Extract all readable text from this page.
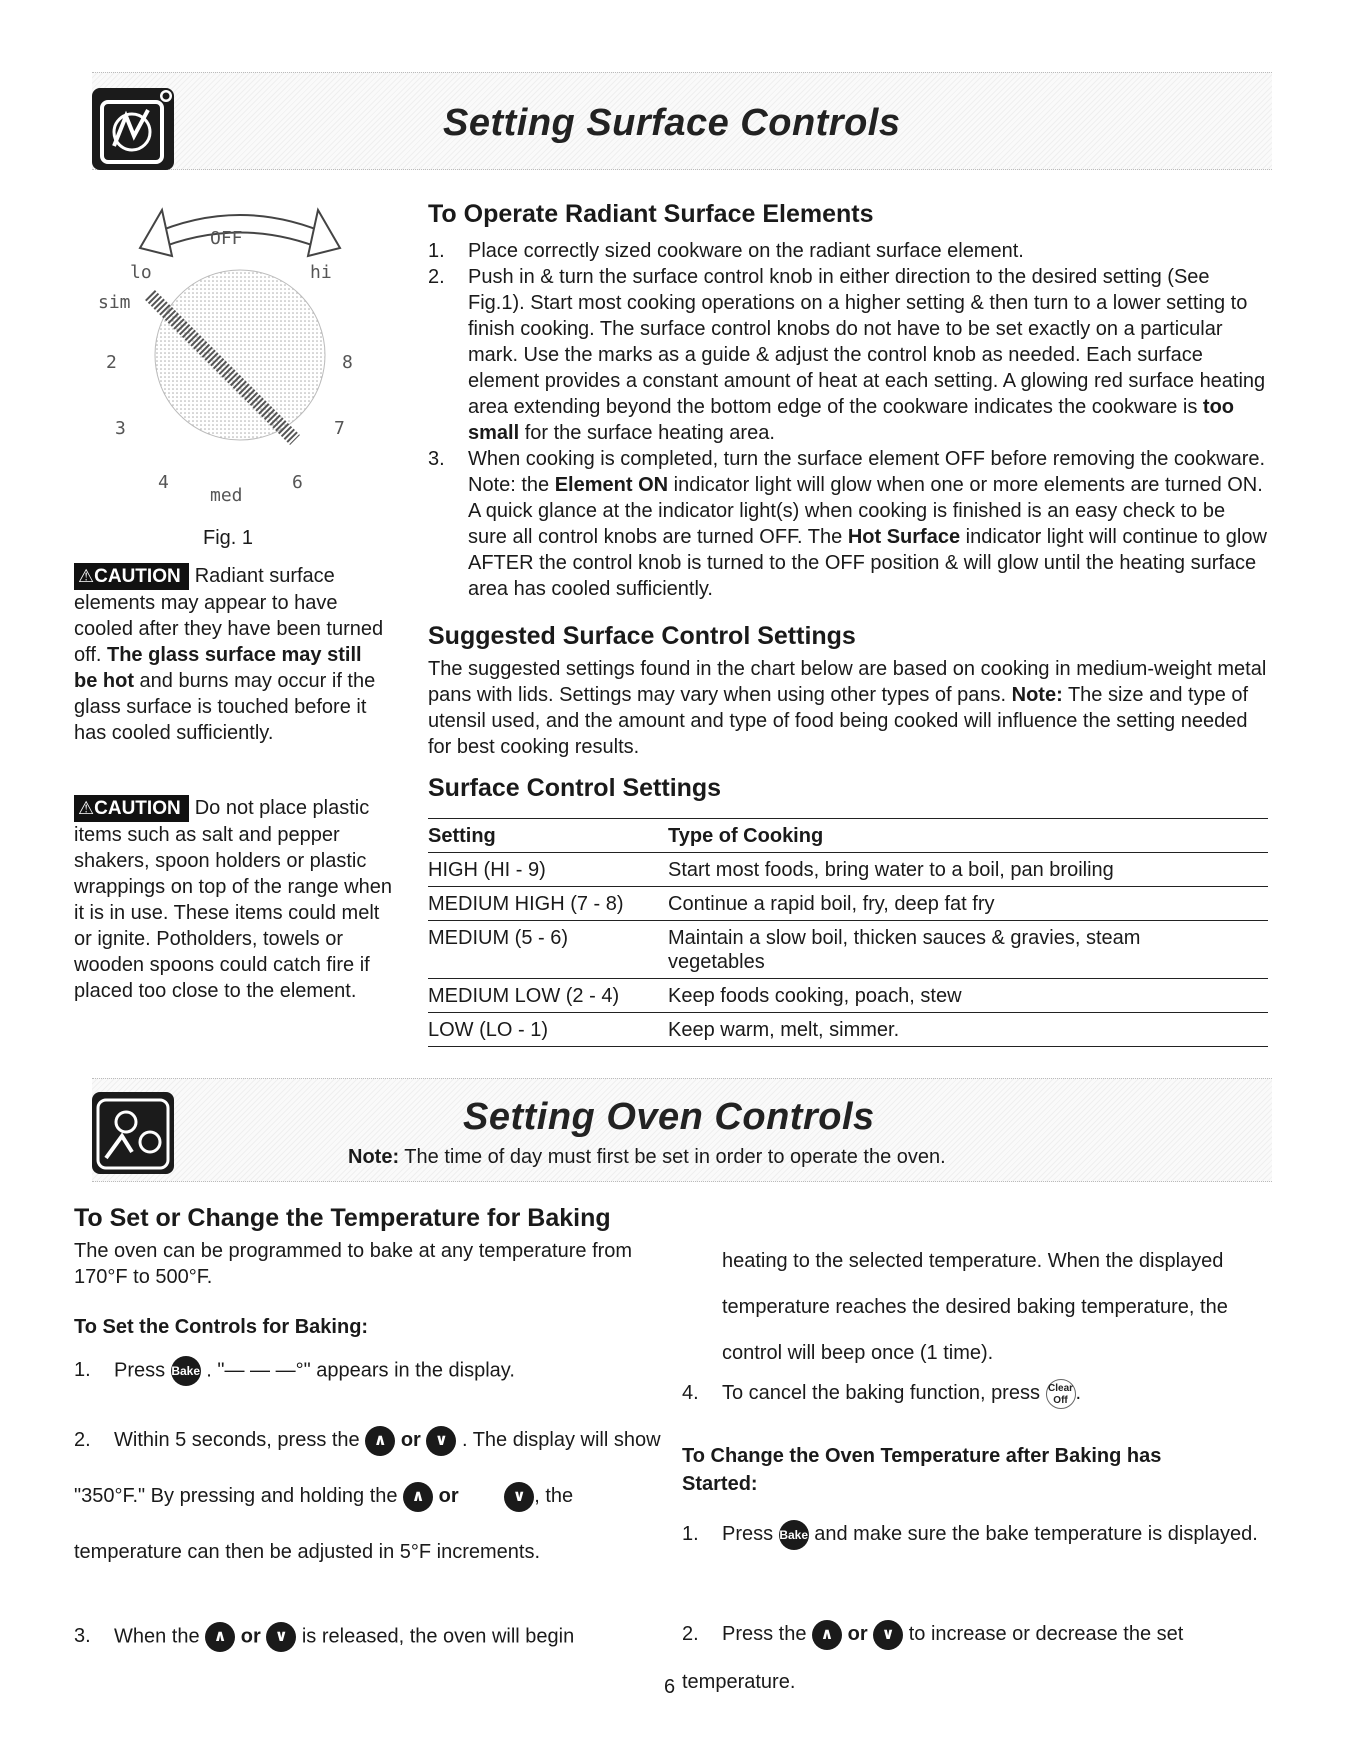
Setting Surface Controls
OFF
lo	hi
sim
2
3
4
med
6
7
8
Fig. 1
⚠CAUTION Radiant surface elements may appear to have cooled after they have been turned off. The glass surface may still be hot and burns may occur if the glass surface is touched before it has cooled sufficiently.
⚠CAUTION Do not place plastic items such as salt and pepper shakers, spoon holders or plastic wrappings on top of the range when it is in use. These items could melt or ignite. Potholders, towels or wooden spoons could catch fire if placed too close to the element.
To Operate Radiant Surface Elements
1. Place correctly sized cookware on the radiant surface element.
2. Push in & turn the surface control knob in either direction to the desired setting (See Fig.1). Start most cooking operations on a higher setting & then turn to a lower setting to finish cooking. The surface control knobs do not have to be set exactly on a particular mark. Use the marks as a guide & adjust the control knob as needed. Each surface element provides a constant amount of heat at each setting. A glowing red surface heating area extending beyond the bottom edge of the cookware indicates the cookware is too small for the surface heating area.
3. When cooking is completed, turn the surface element OFF before removing the cookware. Note: the Element ON indicator light will glow when one or more elements are turned ON. A quick glance at the indicator light(s) when cooking is finished is an easy check to be sure all control knobs are turned OFF. The Hot Surface indicator light will continue to glow AFTER the control knob is turned to the OFF position & will glow until the heating surface area has cooled sufficiently.
Suggested Surface Control Settings

The suggested settings found in the chart below are based on cooking in medium-weight metal pans with lids. Settings may vary when using other types of pans. Note: The size and type of utensil used, and the amount and type of food being cooked will influence the setting needed for best cooking results.

Surface Control Settings
Setting	Type of Cooking
HIGH (HI - 9)	Start most foods, bring water to a boil, pan broiling
MEDIUM HIGH (7 - 8)	Continue a rapid boil, fry, deep fat fry
MEDIUM (5 - 6)	Maintain a slow boil, thicken sauces & gravies, steam vegetables
MEDIUM LOW (2 - 4)	Keep foods cooking, poach, stew
LOW (LO - 1)	Keep warm, melt, simmer.
Setting Oven Controls
Note: The time of day must first be set in order to operate the oven.
To Set or Change the Temperature for Baking

The oven can be programmed to bake at any temperature from 170°F to 500°F.

To Set the Controls for Baking:
1. Press Bake . "— — —°" appears in the display.
2. Within 5 seconds, press the ∧ or ∨ . The display will show "350°F." By pressing and holding the ∧ or	∨ , the temperature can then be adjusted in 5°F increments.
3. When the ∧ or ∨ is released, the oven will begin
heating to the selected temperature. When the displayed temperature reaches the desired baking temperature, the control will beep once (1 time).
4. To cancel the baking function, press Clear
Off .
To Change the Oven Temperature after Baking has Started:
1. Press Bake and make sure the bake temperature is displayed.
2. Press the ∧ or ∨ to increase or decrease the set temperature.
6
